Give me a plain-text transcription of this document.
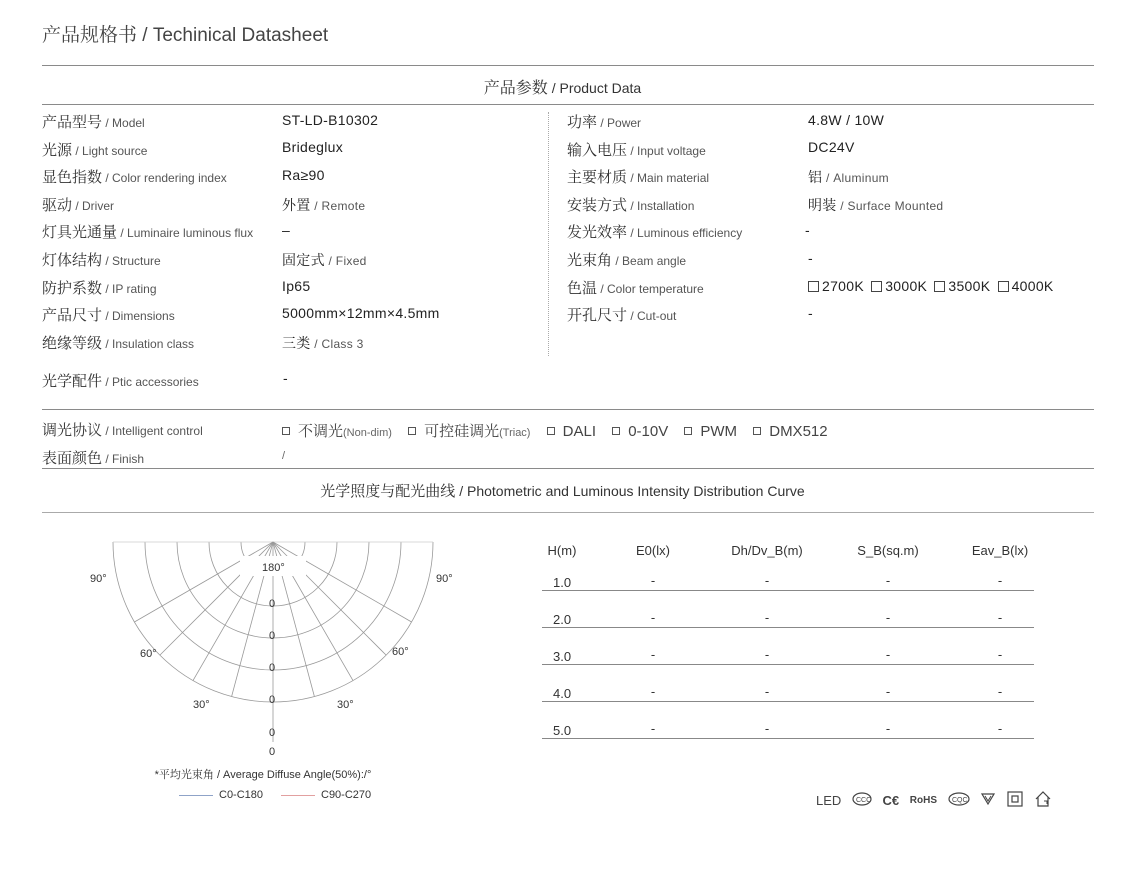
产品规格书 / Techinical Datasheet
产品参数 / Product Data
产品型号 / Model	ST-LD-B10302
光源 / Light source	Brideglux
显色指数 / Color rendering index	Ra≥90
驱动 / Driver	外置 / Remote
灯具光通量 / Luminaire luminous flux –
灯体结构 / Structure	固定式 / Fixed
防护系数 / IP rating	Ip65
产品尺寸 / Dimensions	5000mm×12mm×4.5mm
绝缘等级 / Insulation class	三类 / Class 3
功率 / Power	4.8W / 10W
输入电压 / Input voltage	DC24V
主要材质 / Main material	铝 / Aluminum
安装方式 / Installation	明装 / Surface Mounted
发光效率 / Luminous efficiency	-
光束角 / Beam angle	-
色温 / Color temperature	2700K 3000K 3500K 4000K
开孔尺寸 / Cut-out	-
光学配件 / Ptic accessories	-
调光协议 / Intelligent control	不调光(Non-dim) 可控硅调光(Triac) DALI 0-10V PWM DMX512
表面颜色 / Finish	/
光学照度与配光曲线 / Photometric and Luminous Intensity Distribution Curve
90°	90°
180°
60°	60°
30°	30°
0
0
0
0
0
0
*平均光束角 / Average Diffuse Angle(50%):/°
C0-C180	C90-C270
H(m)	E0(lx)	Dh/Dv_B(m)	S_B(sq.m)	Eav_B(lx)
1.0	-	-	-	-
2.0	-	-	-	-
3.0	-	-	-	-
4.0	-	-	-	-
5.0	-	-	-	-
LED CCC C€ RoHS CQC
